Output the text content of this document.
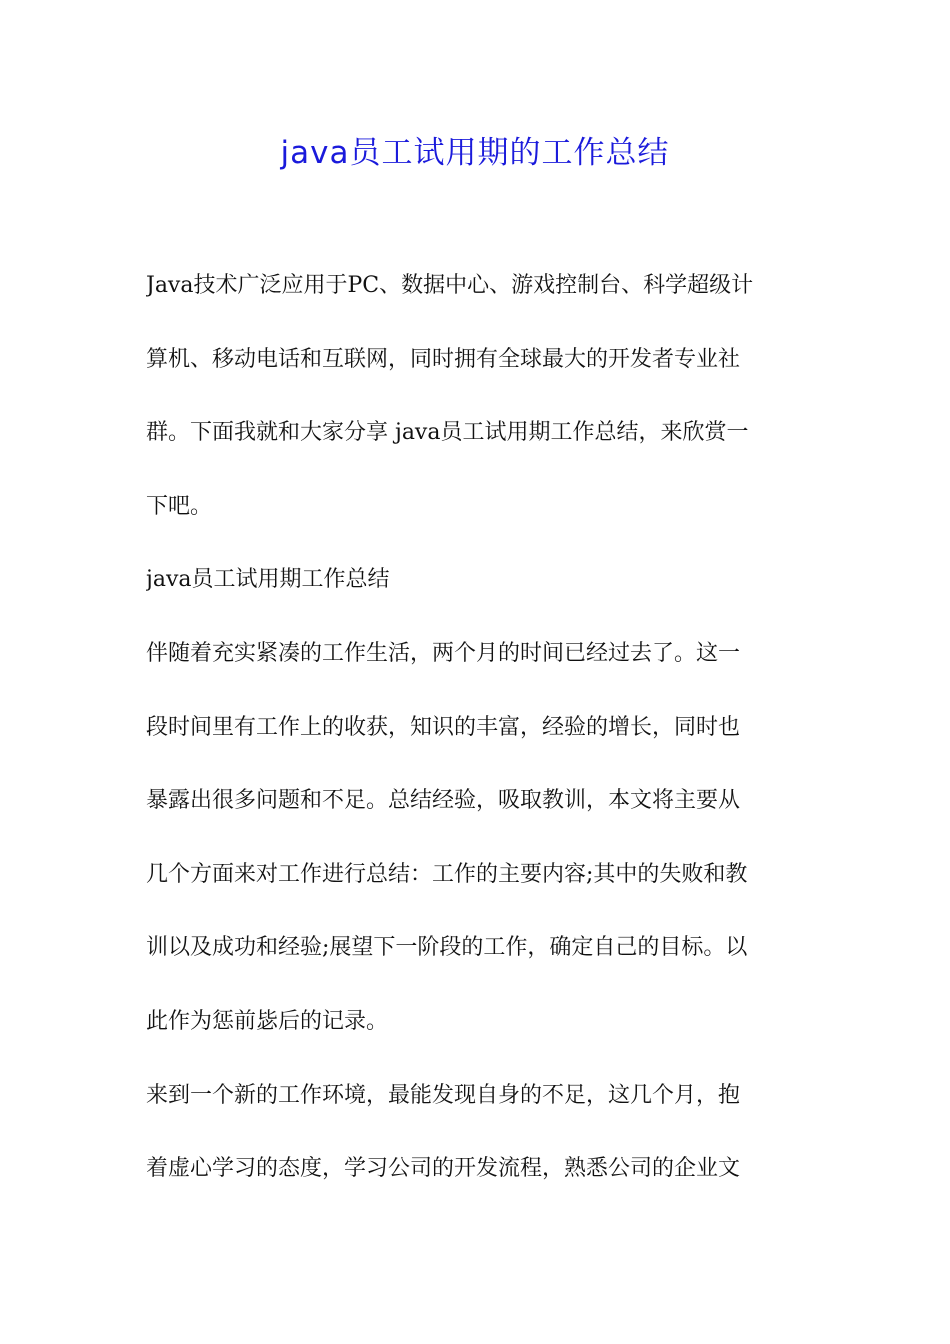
java员工试用期的工作总结
Java技术广泛应用于PC、数据中心、游戏控制台、科学超级计
算机、移动电话和互联网，同时拥有全球最大的开发者专业社
群。下面我就和大家分享 java员工试用期工作总结，来欣赏一
下吧。
java员工试用期工作总结
伴随着充实紧凑的工作生活，两个月的时间已经过去了。这一
段时间里有工作上的收获，知识的丰富，经验的增长，同时也
暴露出很多问题和不足。总结经验，吸取教训，本文将主要从
几个方面来对工作进行总结：工作的主要内容;其中的失败和教
训以及成功和经验;展望下一阶段的工作，确定自己的目标。以
此作为惩前毖后的记录。
来到一个新的工作环境，最能发现自身的不足，这几个月，抱
着虚心学习的态度，学习公司的开发流程，熟悉公司的企业文
